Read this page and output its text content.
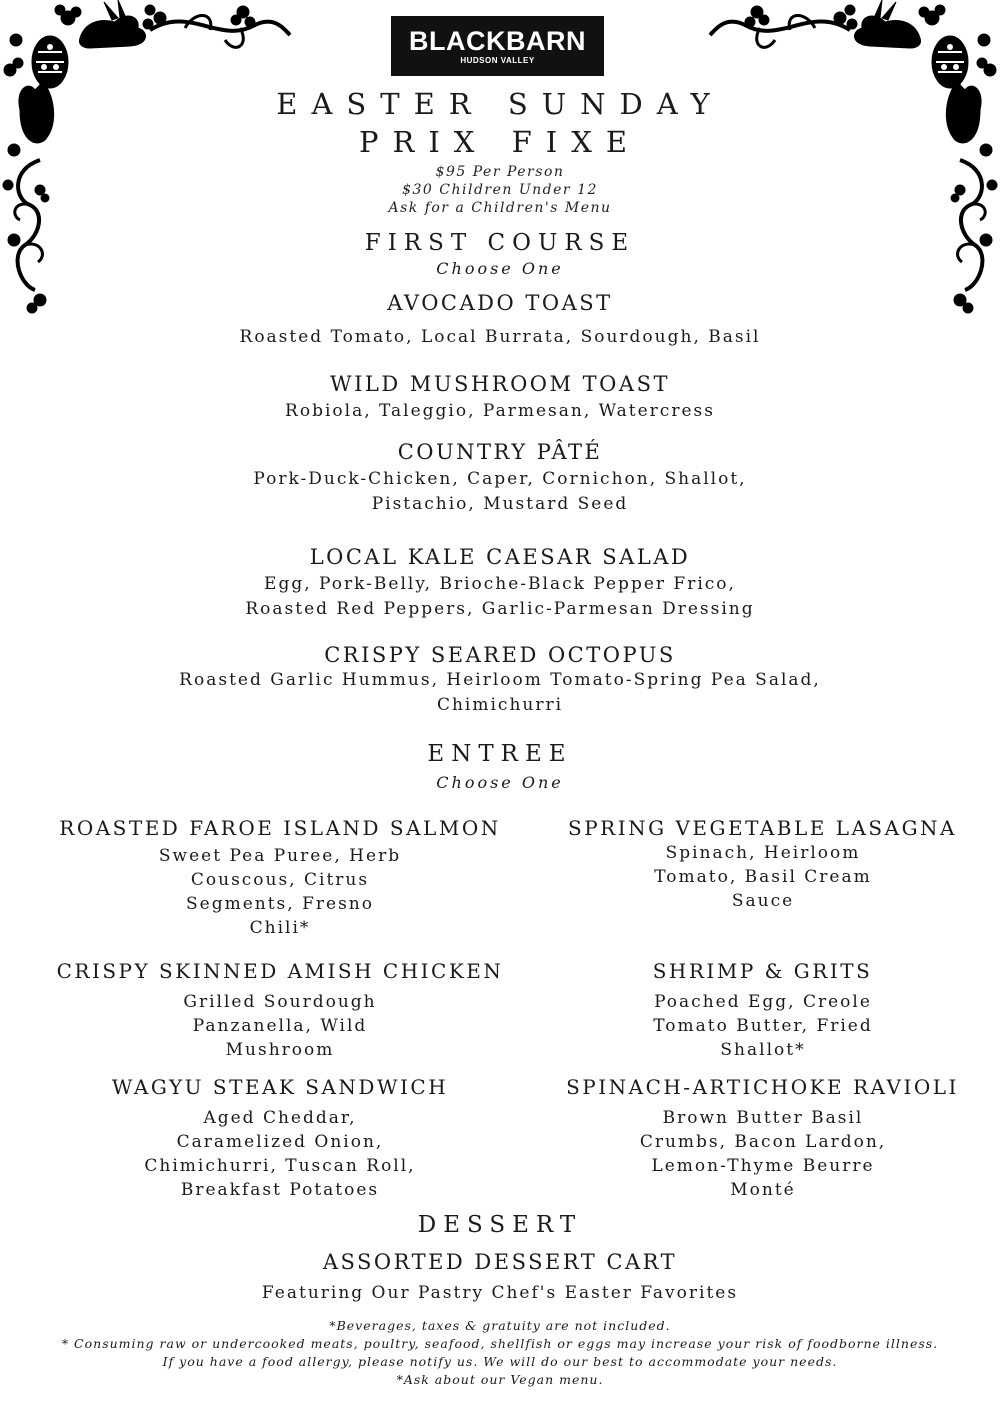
BLACKBARN
HUDSON VALLEY
EASTER SUNDAY
PRIX FIXE
$95 Per Person
$30 Children Under 12
Ask for a Children's Menu
FIRST COURSE
Choose One
AVOCADO TOAST
Roasted Tomato, Local Burrata, Sourdough, Basil
WILD MUSHROOM TOAST
Robiola, Taleggio, Parmesan, Watercress
COUNTRY PÂTÉ
Pork-Duck-Chicken, Caper, Cornichon, Shallot,
Pistachio, Mustard Seed
LOCAL KALE CAESAR SALAD
Egg, Pork-Belly, Brioche-Black Pepper Frico,
Roasted Red Peppers, Garlic-Parmesan Dressing
CRISPY SEARED OCTOPUS
Roasted Garlic Hummus, Heirloom Tomato-Spring Pea Salad,
Chimichurri
ENTREE
Choose One
ROASTED FAROE ISLAND SALMON
Sweet Pea Puree, Herb
Couscous, Citrus
Segments, Fresno
Chili*
CRISPY SKINNED AMISH CHICKEN
Grilled Sourdough
Panzanella, Wild
Mushroom
WAGYU STEAK SANDWICH
Aged Cheddar,
Caramelized Onion,
Chimichurri, Tuscan Roll,
Breakfast Potatoes
SPRING VEGETABLE LASAGNA
Spinach, Heirloom
Tomato, Basil Cream
Sauce
SHRIMP & GRITS
Poached Egg, Creole
Tomato Butter, Fried
Shallot*
SPINACH-ARTICHOKE RAVIOLI
Brown Butter Basil
Crumbs, Bacon Lardon,
Lemon-Thyme Beurre
Monté
DESSERT
ASSORTED DESSERT CART
Featuring Our Pastry Chef's Easter Favorites
*Beverages, taxes & gratuity are not included.
* Consuming raw or undercooked meats, poultry, seafood, shellfish or eggs may increase your risk of foodborne illness.
If you have a food allergy, please notify us. We will do our best to accommodate your needs.
*Ask about our Vegan menu.
